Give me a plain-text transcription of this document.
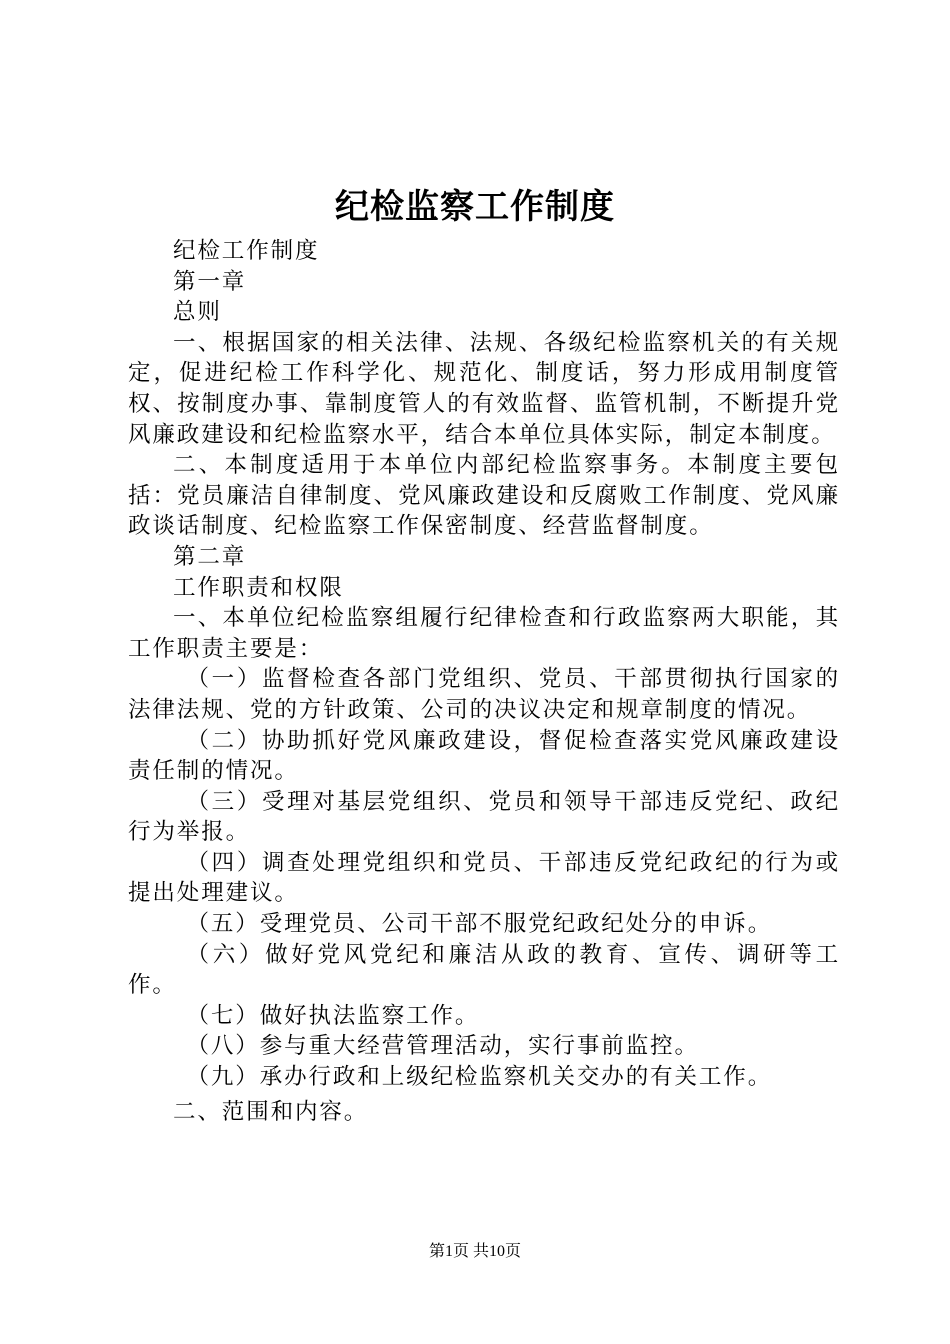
纪检监察工作制度

纪检工作制度

第一章

总则

一、根据国家的相关法律、法规、各级纪检监察机关的有关规定，促进纪检工作科学化、规范化、制度话，努力形成用制度管权、按制度办事、靠制度管人的有效监督、监管机制，不断提升党风廉政建设和纪检监察水平，结合本单位具体实际，制定本制度。

二、本制度适用于本单位内部纪检监察事务。本制度主要包括：党员廉洁自律制度、党风廉政建设和反腐败工作制度、党风廉政谈话制度、纪检监察工作保密制度、经营监督制度。

第二章

工作职责和权限

一、本单位纪检监察组履行纪律检查和行政监察两大职能，其工作职责主要是：

（一）监督检查各部门党组织、党员、干部贯彻执行国家的法律法规、党的方针政策、公司的决议决定和规章制度的情况。

（二）协助抓好党风廉政建设，督促检查落实党风廉政建设责任制的情况。

（三）受理对基层党组织、党员和领导干部违反党纪、政纪行为举报。

（四）调查处理党组织和党员、干部违反党纪政纪的行为或提出处理建议。

（五）受理党员、公司干部不服党纪政纪处分的申诉。

（六）做好党风党纪和廉洁从政的教育、宣传、调研等工作。

（七）做好执法监察工作。

（八）参与重大经营管理活动，实行事前监控。

（九）承办行政和上级纪检监察机关交办的有关工作。

二、范围和内容。

第1页 共10页
